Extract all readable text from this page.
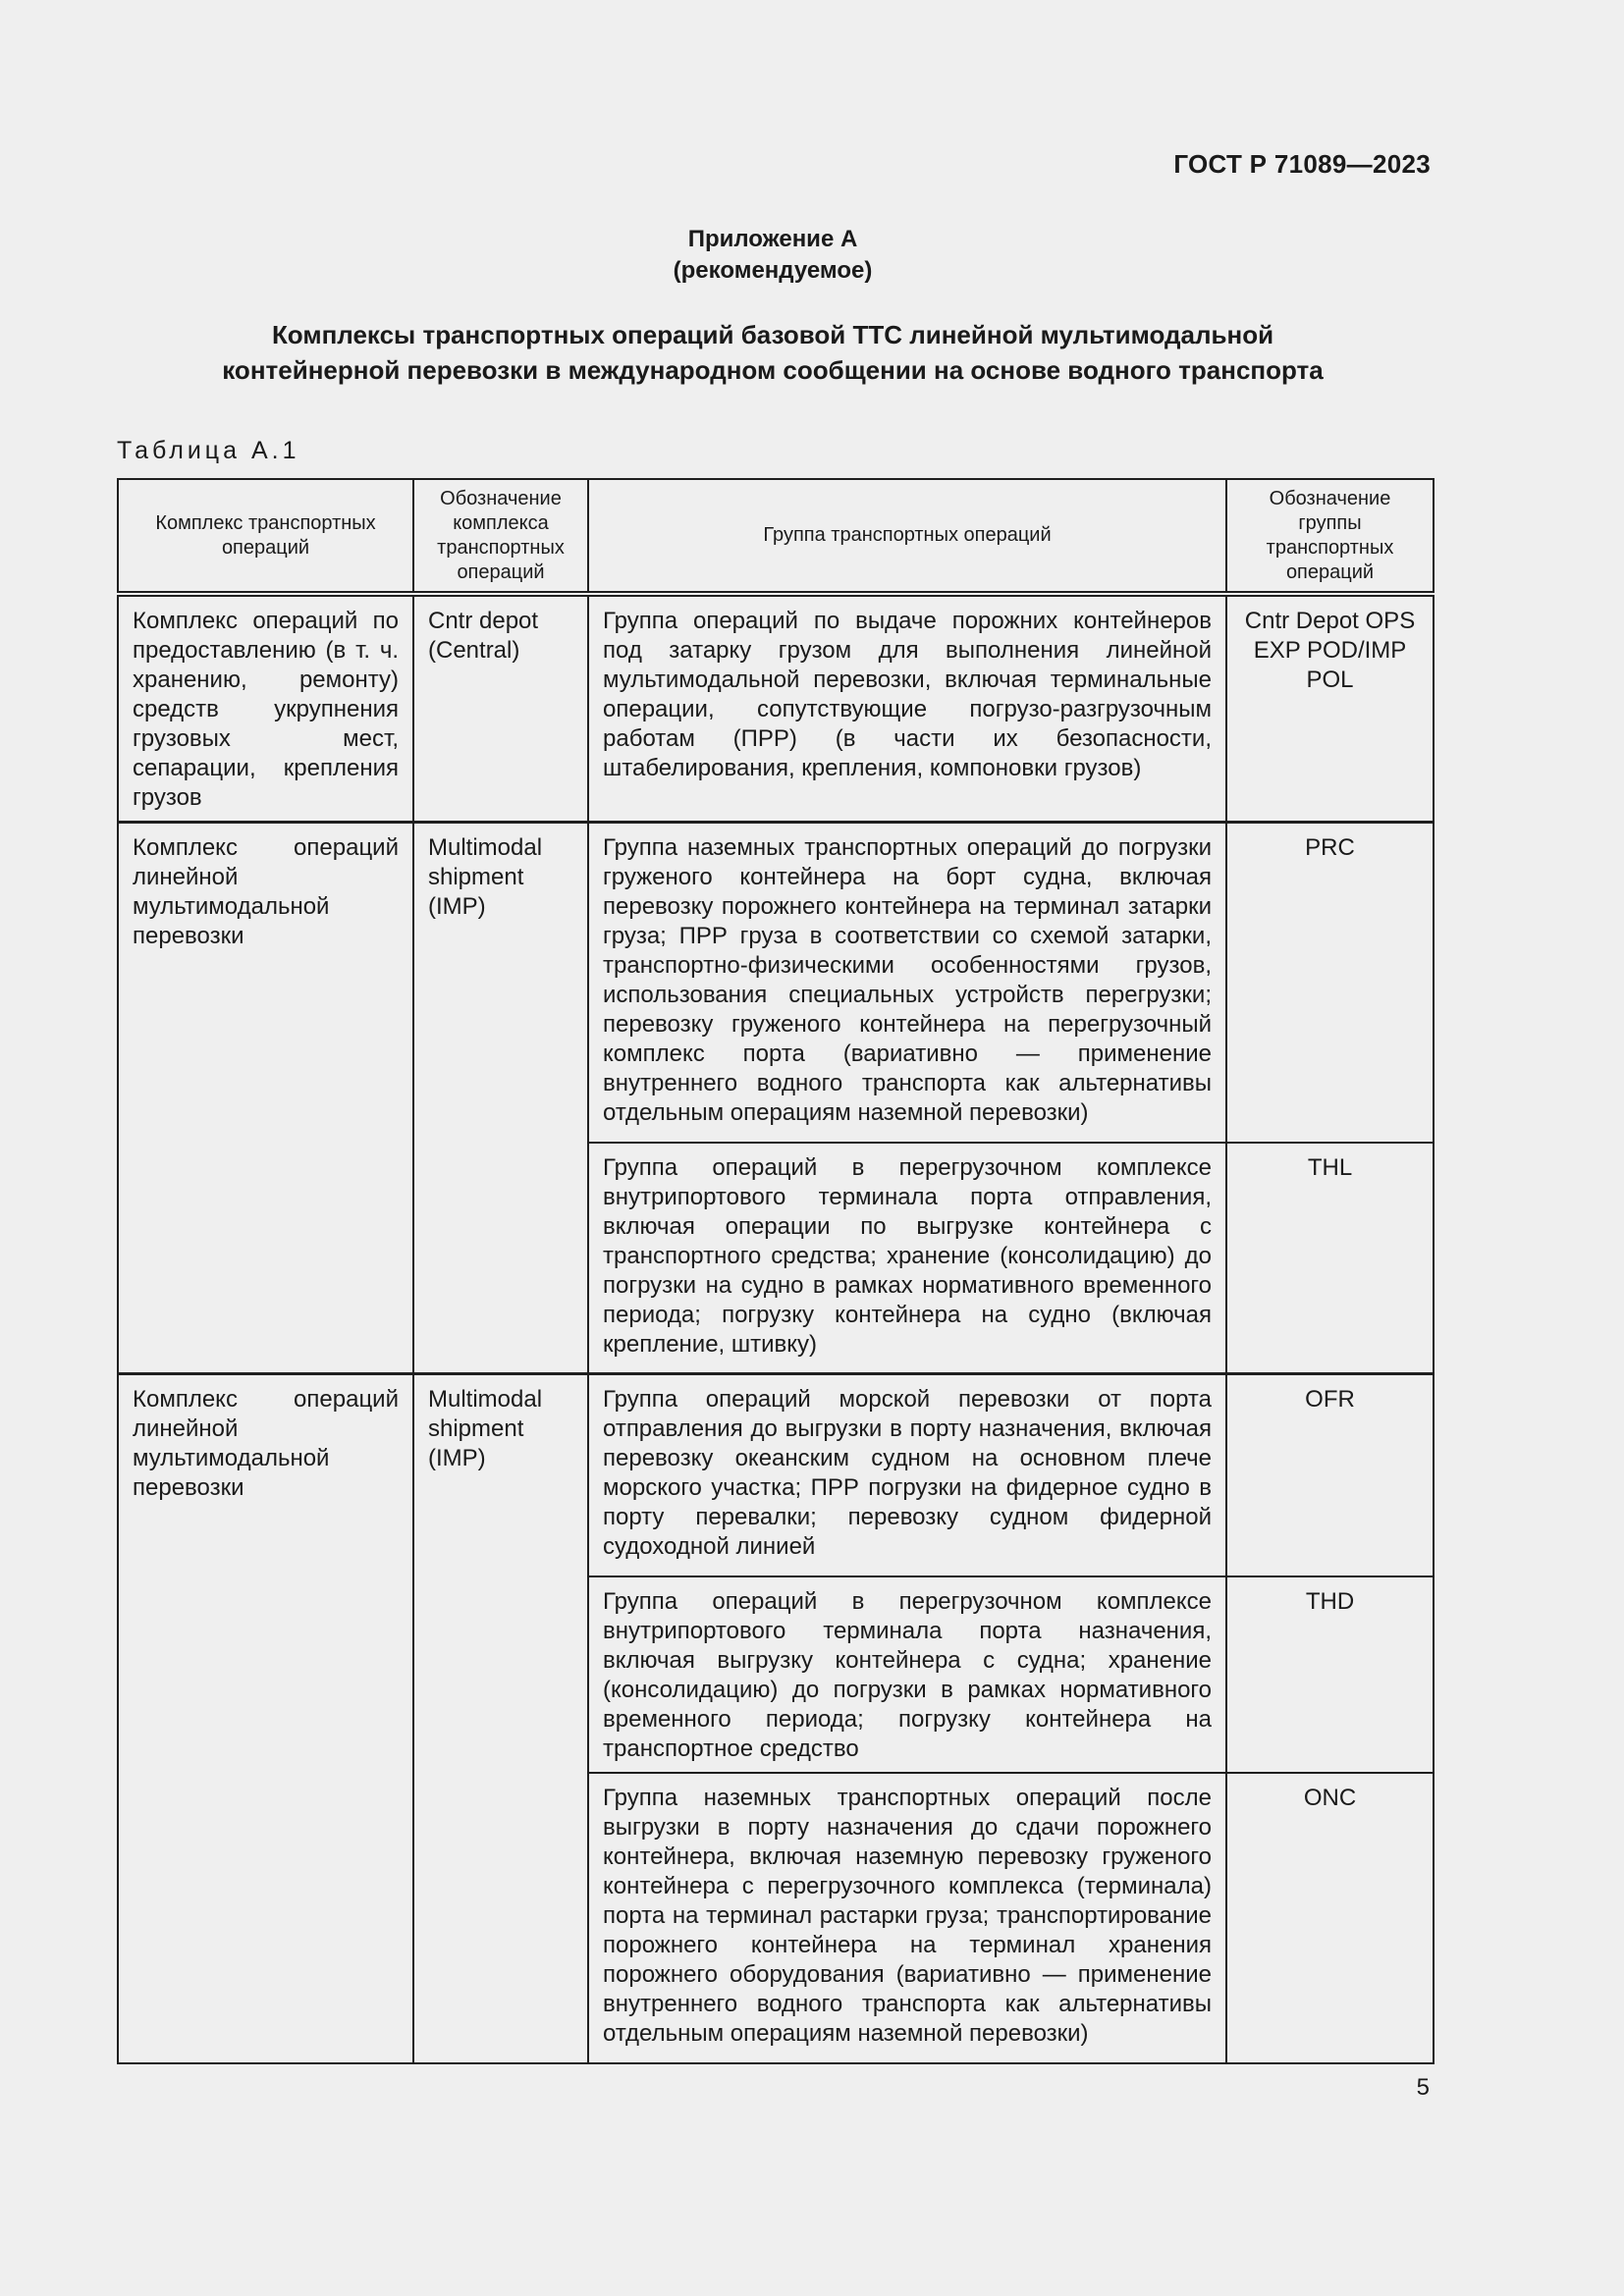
ГОСТ Р 71089—2023
Приложение А
(рекомендуемое)
Комплексы транспортных операций базовой ТТС линейной мультимодальной
контейнерной перевозки в международном сообщении на основе водного транспорта
Таблица А.1
Комплекс транспортных операций	Обозначение комплекса транспортных операций	Группа транспортных операций	Обозначение группы транспортных операций
Комплекс операций по предоставлению (в т. ч. хранению, ремонту) средств укрупнения грузовых мест, сепарации, крепления грузов	Cntr depot (Central)	Группа операций по выдаче порожних контейнеров под затарку грузом для выполнения линейной мультимодальной перевозки, включая терминальные операции, сопутствующие погрузо-разгрузочным работам (ПРР) (в части их безопасности, штабелирования, крепления, компоновки грузов)	Cntr Depot OPS EXP POD/IMP POL
Комплекс операций линейной мультимодальной перевозки	Multimodal shipment (IMP)	Группа наземных транспортных операций до погрузки груженого контейнера на борт судна, включая перевозку порожнего контейнера на терминал затарки груза; ПРР груза в соответствии со схемой затарки, транспортно-физическими особенностями грузов, использования специальных устройств перегрузки; перевозку груженого контейнера на перегрузочный комплекс порта (вариативно — применение внутреннего водного транспорта как альтернативы отдельным операциям наземной перевозки)	PRC
		Группа операций в перегрузочном комплексе внутрипортового терминала порта отправления, включая операции по выгрузке контейнера с транспортного средства; хранение (консолидацию) до погрузки на судно в рамках нормативного временного периода; погрузку контейнера на судно (включая крепление, штивку)	THL
Комплекс операций линейной мультимодальной перевозки	Multimodal shipment (IMP)	Группа операций морской перевозки от порта отправления до выгрузки в порту назначения, включая перевозку океанским судном на основном плече морского участка; ПРР погрузки на фидерное судно в порту перевалки; перевозку судном фидерной судоходной линией	OFR
		Группа операций в перегрузочном комплексе внутрипортового терминала порта назначения, включая выгрузку контейнера с судна; хранение (консолидацию) до погрузки в рамках нормативного временного периода; погрузку контейнера на транспортное средство	THD
		Группа наземных транспортных операций после выгрузки в порту назначения до сдачи порожнего контейнера, включая наземную перевозку груженого контейнера с перегрузочного комплекса (терминала) порта на терминал растарки груза; транспортирование порожнего контейнера на терминал хранения порожнего оборудования (вариативно — применение внутреннего водного транспорта как альтернативы отдельным операциям наземной перевозки)	ONC
5
